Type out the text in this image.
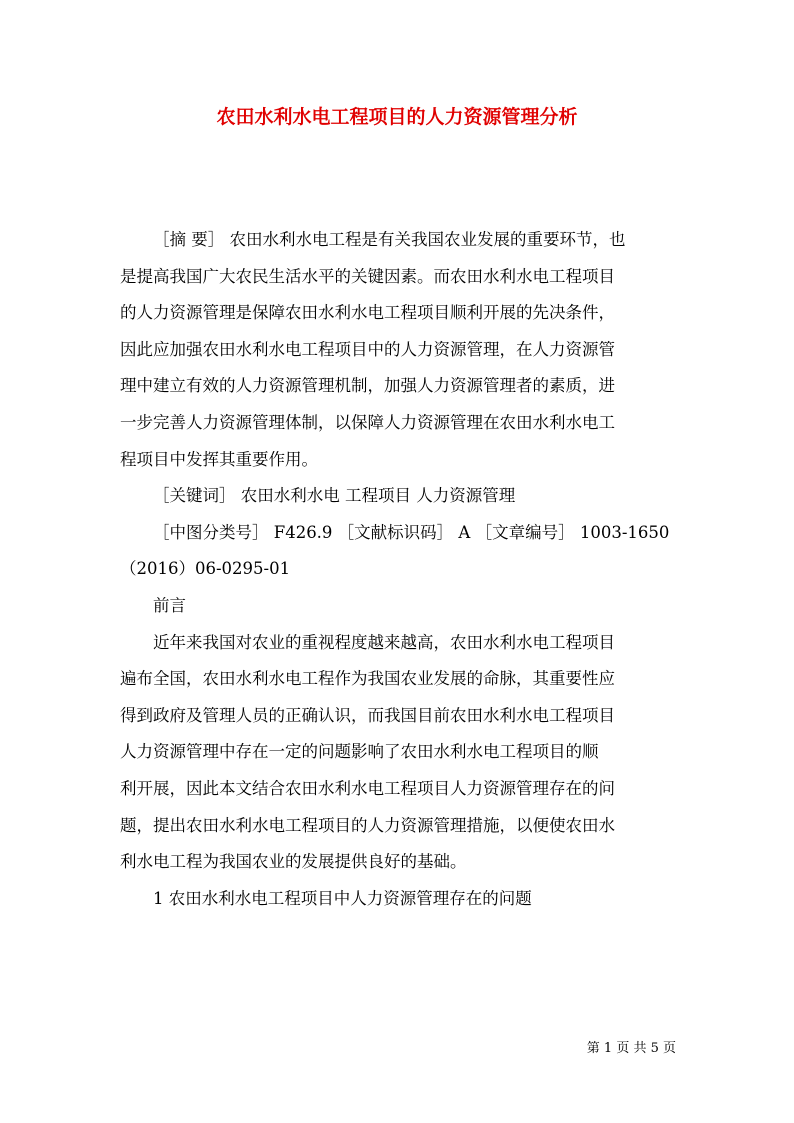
农田水利水电工程项目的人力资源管理分析
［摘 要］ 农田水利水电工程是有关我国农业发展的重要环节，也
是提高我国广大农民生活水平的关键因素。而农田水利水电工程项目
的人力资源管理是保障农田水利水电工程项目顺利开展的先决条件，
因此应加强农田水利水电工程项目中的人力资源管理，在人力资源管
理中建立有效的人力资源管理机制，加强人力资源管理者的素质，进
一步完善人力资源管理体制，以保障人力资源管理在农田水利水电工
程项目中发挥其重要作用。
［关键词］ 农田水利水电 工程项目 人力资源管理
［中图分类号］ F426.9 ［文献标识码］ A ［文章编号］ 1003-1650
（2016）06-0295-01
前言
近年来我国对农业的重视程度越来越高，农田水利水电工程项目
遍布全国，农田水利水电工程作为我国农业发展的命脉，其重要性应
得到政府及管理人员的正确认识，而我国目前农田水利水电工程项目
人力资源管理中存在一定的问题影响了农田水利水电工程项目的顺
利开展，因此本文结合农田水利水电工程项目人力资源管理存在的问
题，提出农田水利水电工程项目的人力资源管理措施，以便使农田水
利水电工程为我国农业的发展提供良好的基础。
1 农田水利水电工程项目中人力资源管理存在的问题
第 1 页 共 5 页
